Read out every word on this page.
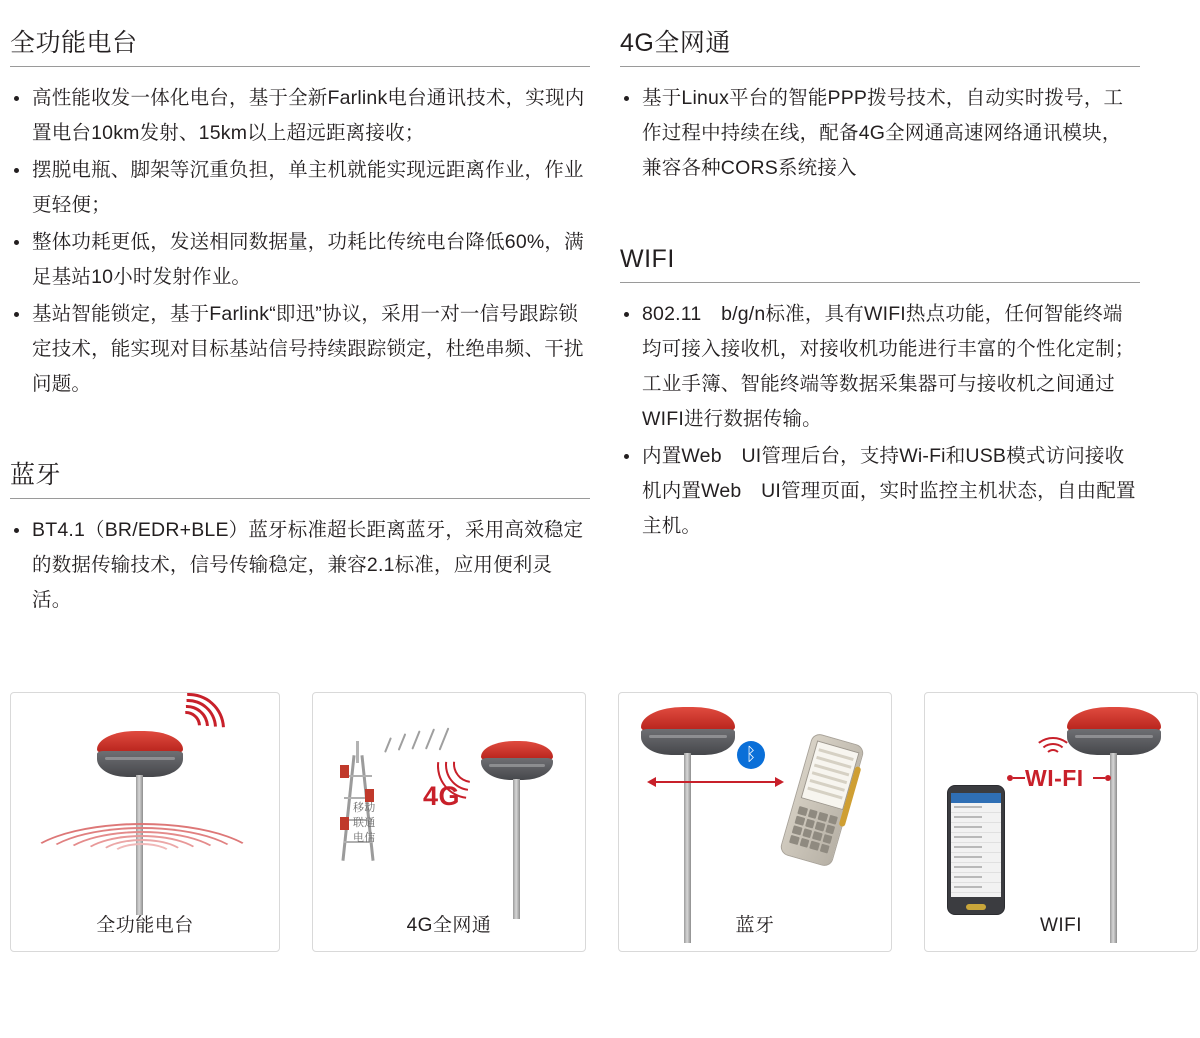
全功能电台
高性能收发一体化电台，基于全新Farlink电台通讯技术，实现内置电台10km发射、15km以上超远距离接收；
摆脱电瓶、脚架等沉重负担，单主机就能实现远距离作业，作业更轻便；
整体功耗更低，发送相同数据量，功耗比传统电台降低60%，满足基站10小时发射作业。
基站智能锁定，基于Farlink“即迅”协议，采用一对一信号跟踪锁定技术，能实现对目标基站信号持续跟踪锁定，杜绝串频、干扰问题。
蓝牙
BT4.1（BR/EDR+BLE）蓝牙标准超长距离蓝牙，采用高效稳定的数据传输技术，信号传输稳定，兼容2.1标准，应用便利灵活。
4G全网通
基于Linux平台的智能PPP拨号技术，自动实时拨号，工作过程中持续在线，配备4G全网通高速网络通讯模块，兼容各种CORS系统接入
WIFI
802.11　b/g/n标准，具有WIFI热点功能，任何智能终端均可接入接收机，对接收机功能进行丰富的个性化定制；工业手簿、智能终端等数据采集器可与接收机之间通过WIFI进行数据传输。
内置Web　UI管理后台，支持Wi-Fi和USB模式访问接收机内置Web　UI管理页面，实时监控主机状态，自由配置主机。
全功能电台
移动
联通
电信
4G
4G全网通
ᛒ
蓝牙
WI-FI
WIFI
